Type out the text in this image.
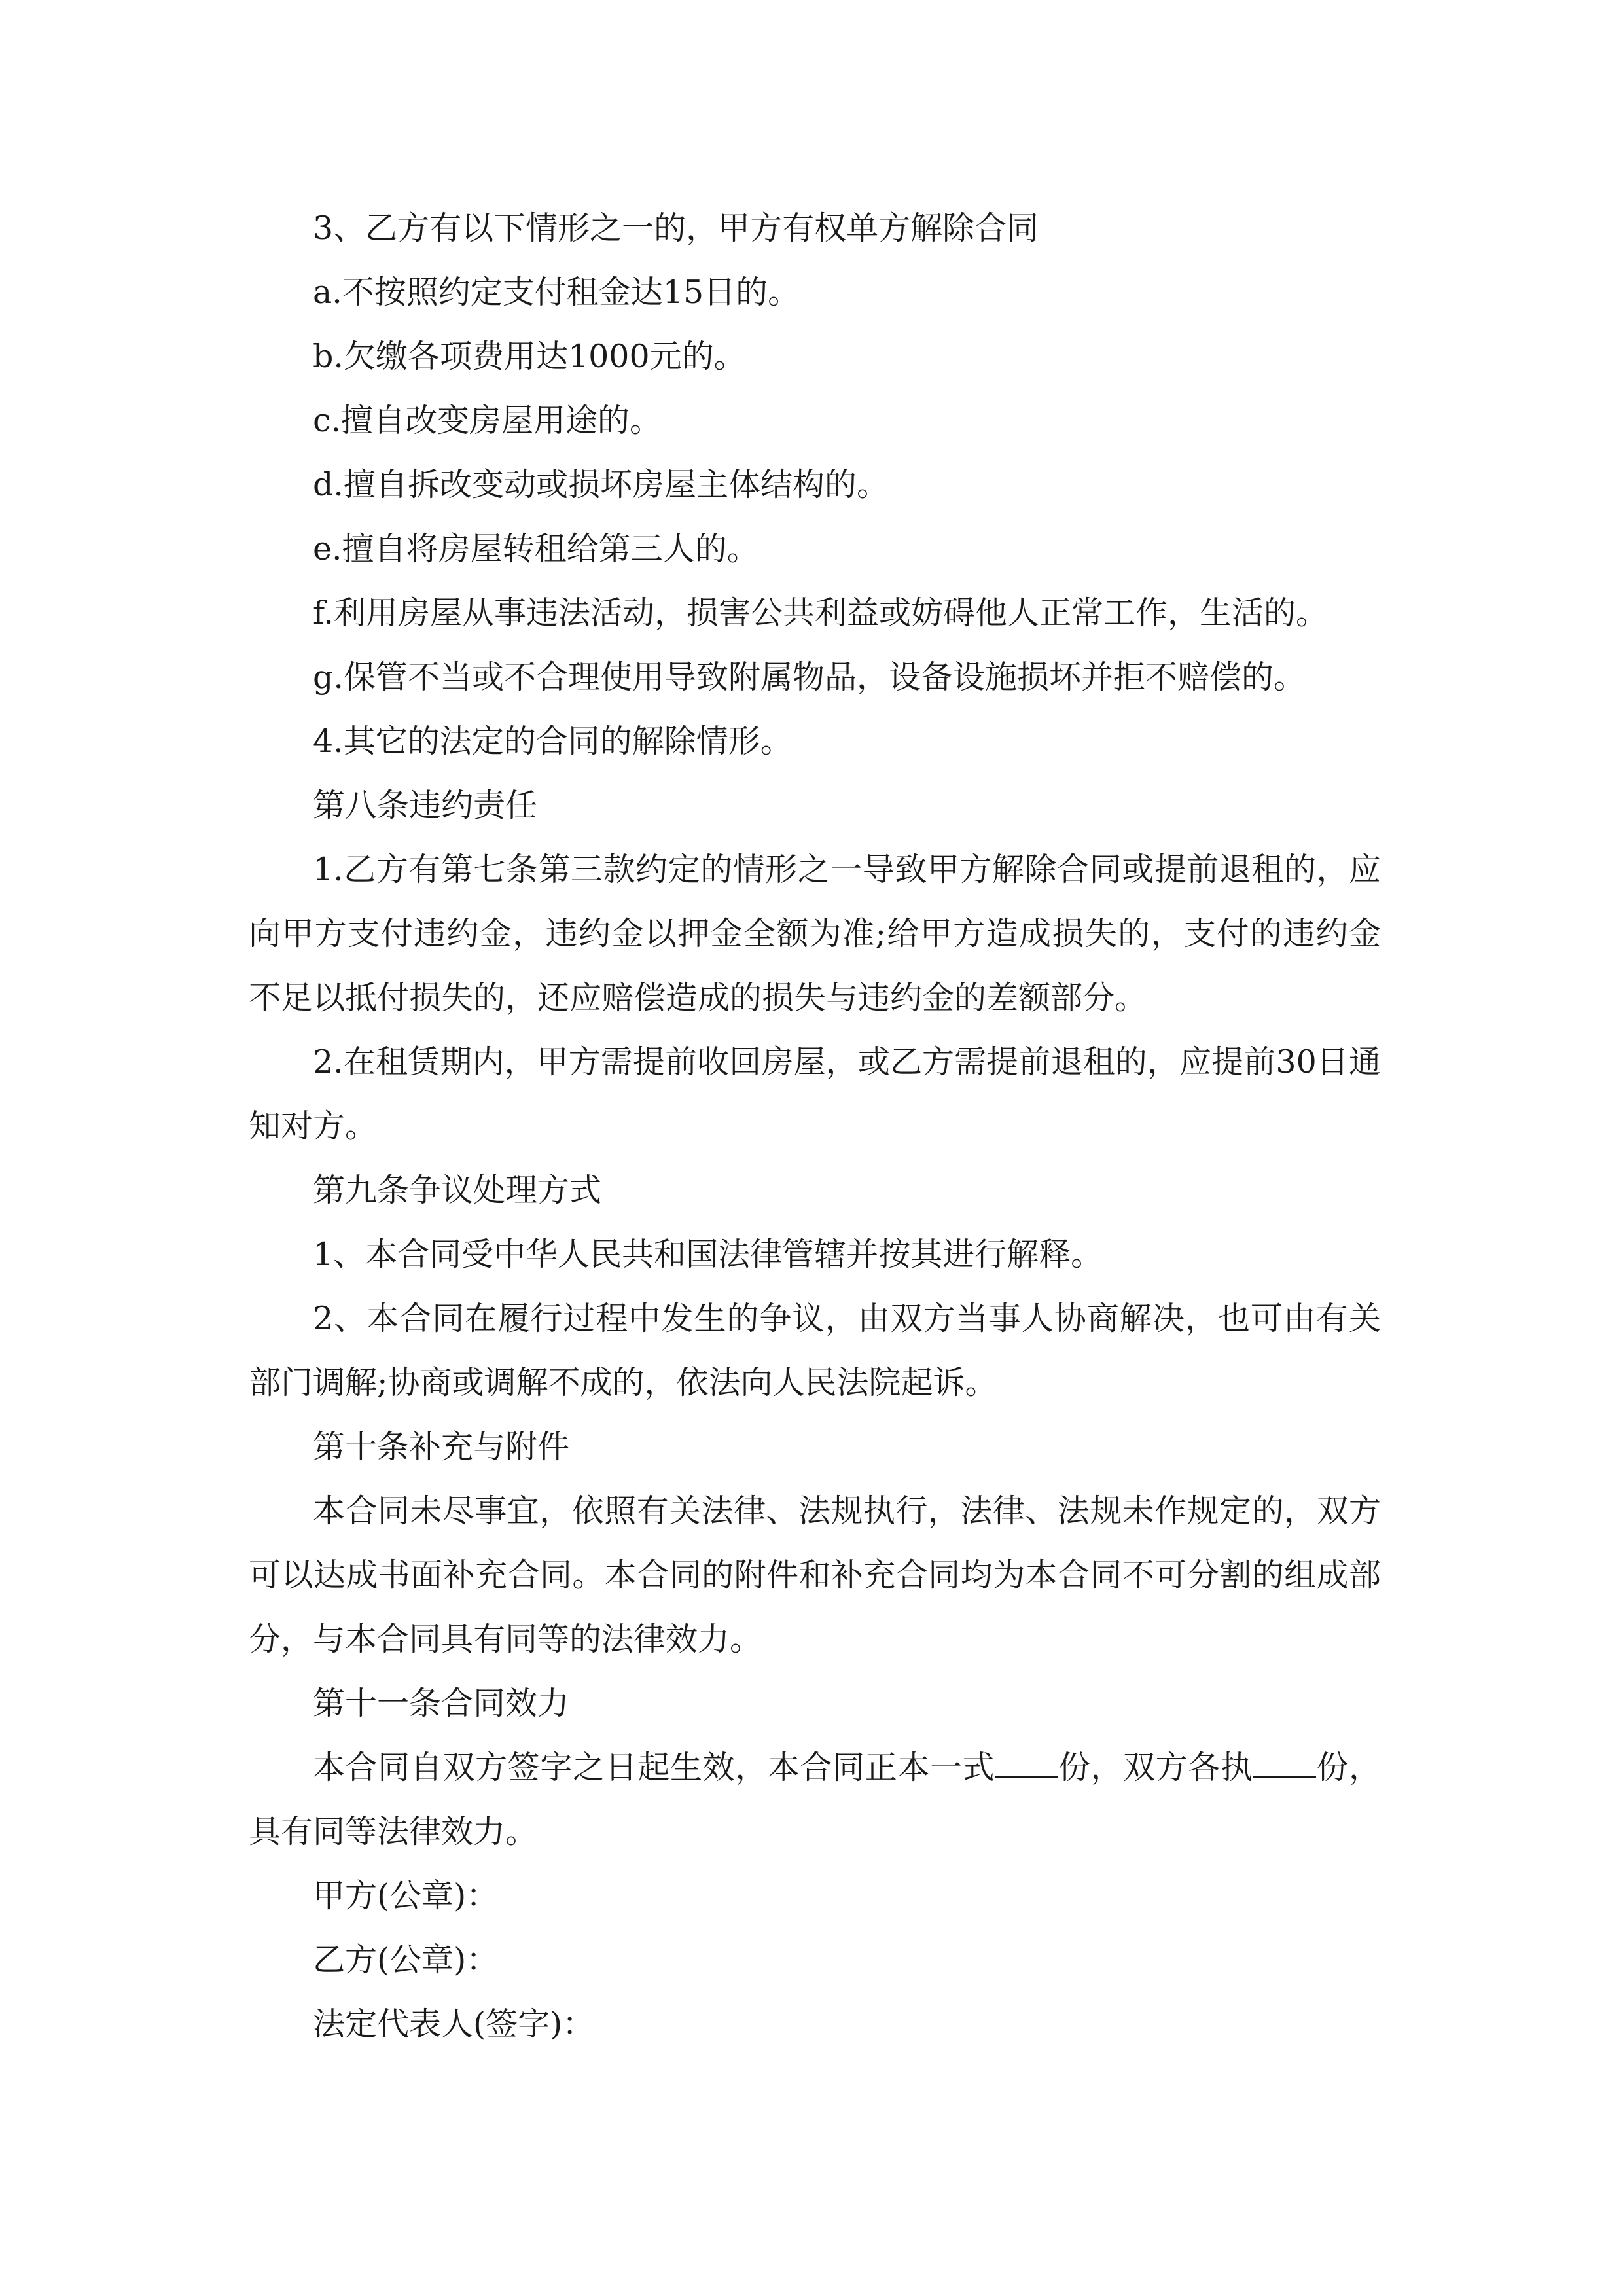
3、乙方有以下情形之一的，甲方有权单方解除合同

a.不按照约定支付租金达15日的。

b.欠缴各项费用达1000元的。

c.擅自改变房屋用途的。

d.擅自拆改变动或损坏房屋主体结构的。

e.擅自将房屋转租给第三人的。

f.利用房屋从事违法活动，损害公共利益或妨碍他人正常工作，生活的。

g.保管不当或不合理使用导致附属物品，设备设施损坏并拒不赔偿的。

4.其它的法定的合同的解除情形。

第八条违约责任

1.乙方有第七条第三款约定的情形之一导致甲方解除合同或提前退租的，应向甲方支付违约金，违约金以押金全额为准;给甲方造成损失的，支付的违约金不足以抵付损失的，还应赔偿造成的损失与违约金的差额部分。

2.在租赁期内，甲方需提前收回房屋，或乙方需提前退租的，应提前30日通知对方。

第九条争议处理方式

1、本合同受中华人民共和国法律管辖并按其进行解释。

2、本合同在履行过程中发生的争议，由双方当事人协商解决，也可由有关部门调解;协商或调解不成的，依法向人民法院起诉。

第十条补充与附件

本合同未尽事宜，依照有关法律、法规执行，法律、法规未作规定的，双方可以达成书面补充合同。本合同的附件和补充合同均为本合同不可分割的组成部分，与本合同具有同等的法律效力。

第十一条合同效力

本合同自双方签字之日起生效，本合同正本一式 份，双方各执 份，具有同等法律效力。

甲方(公章)：

乙方(公章)：

法定代表人(签字)：
